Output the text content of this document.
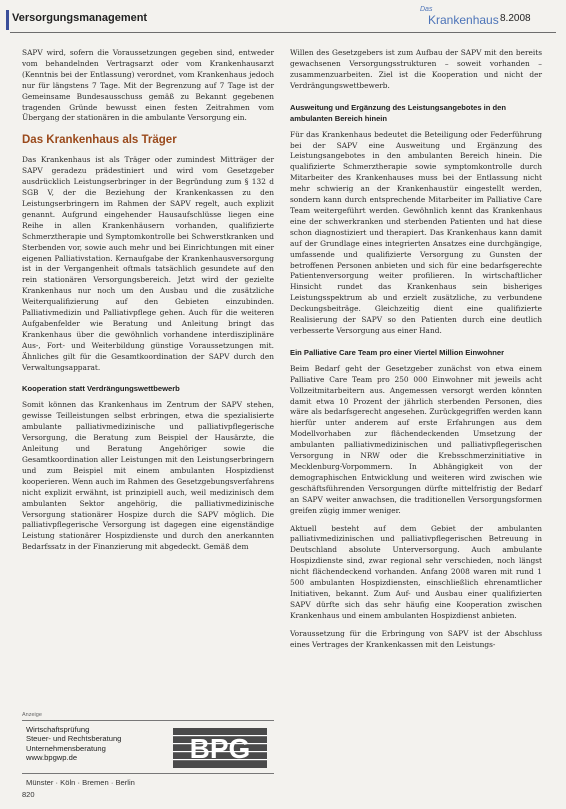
Versorgungsmanagement
Das
Krankenhaus 8.2008

SAPV wird, sofern die Voraussetzungen gegeben sind, entweder vom behandelnden Vertragsarzt oder vom Krankenhausarzt (Kenntnis bei der Entlassung) verordnet, vom Krankenhaus jedoch nur für längstens 7 Tage. Mit der Begrenzung auf 7 Tage ist der Gemeinsame Bundesausschuss gemäß zu Bekannt gegebenen tragenden Gründe bewusst einen festen Zeitrahmen vom Übergang der stationären in die ambulante Versorgung ein.

Das Krankenhaus als Träger

Das Krankenhaus ist als Träger oder zumindest Mitträger der SAPV geradezu prädestiniert und wird vom Gesetzgeber ausdrücklich Leistungserbringer in der Begründung zum § 132 d SGB V, der die Beziehung der Krankenkassen zu den Leistungserbringern im Rahmen der SAPV regelt, auch explizit genannt. Aufgrund eingehender Hausaufschlüsse liegen eine Reihe in allen Krankenhäusern vorhanden, qualifizierte Schmerztherapie und Symptomkontrolle bei Schwerstkranken und Sterbenden vor, sowie auch mehr und bei Einrichtungen mit einer eigenen Palliativstation. Kernaufgabe der Krankenhausversorgung ist in der Vergangenheit oftmals tatsächlich gesundete auf den rein stationären Versorgungsbereich. Jetzt wird der gezielte Krankenhaus nur noch um den Ausbau und die zusätzliche Weiterqualifizierung auf den Gebieten einzubinden. Palliativmedizin und Palliativpflege gehen. Auch für die weiteren Aufgabenfelder wie Beratung und Anleitung bringt das Krankenhaus über die gewöhnlich vorhandene interdisziplinäre Aus-, Fort- und Weiterbildung günstige Voraussetzungen mit. Ähnliches gilt für die Gesamtkoordination der SAPV durch den Verwaltungsapparat.

Kooperation statt Verdrängungswettbewerb

Somit können das Krankenhaus im Zentrum der SAPV stehen, gewisse Teilleistungen selbst erbringen, etwa die spezialisierte ambulante palliativmedizinische und palliativpflegerische Versorgung, die Beratung zum Beispiel der Hausärzte, die Anleitung und Beratung Angehöriger sowie die Gesamtkoordination aller Leistungen mit den Leistungserbringern und zum Beispiel mit einem ambulanten Hospizdienst kooperieren. Wenn auch im Rahmen des Gesetzgebungsverfahrens nicht explizit erwähnt, ist prinzipiell auch, weil medizinisch dem ambulanten Sektor angehörig, die palliativmedizinische Versorgung stationärer Hospize durch die SAPV möglich. Die palliativpflegerische Versorgung ist dagegen eine eigenständige Leistung stationärer Hospizdienste und durch den anerkannten Bedarfssatz in der Finanzierung mit abgedeckt. Gemäß dem

Willen des Gesetzgebers ist zum Aufbau der SAPV mit den bereits gewachsenen Versorgungsstrukturen – soweit vorhanden – zusammenzuarbeiten. Ziel ist die Kooperation und nicht der Verdrängungswettbewerb.

Ausweitung und Ergänzung des Leistungsangebotes in den ambulanten Bereich hinein

Für das Krankenhaus bedeutet die Beteiligung oder Federführung bei der SAPV eine Ausweitung und Ergänzung des Leistungsangebotes in den ambulanten Bereich hinein. Die qualifizierte Schmerztherapie sowie symptomkontrolle durch Mitarbeiter des Krankenhauses muss bei der Entlassung nicht mehr schwierig an der Krankenhaustür eingestellt werden, sondern kann durch entsprechende Mitarbeiter im Palliative Care Team weitergeführt werden. Gewöhnlich kennt das Krankenhaus eine der schwerkranken und sterbenden Patienten und hat diese schon diagnostiziert und therapiert. Das Krankenhaus kann damit auf der Grundlage eines integrierten Ansatzes eine durchgängige, umfassende und qualifizierte Versorgung zu Gunsten der betroffenen Personen anbieten und sich für eine bedarfsgerechte Patientenversorgung weiter profilieren. In wirtschaftlicher Hinsicht rundet das Krankenhaus sein bisheriges Leistungsspektrum ab und erzielt zusätzliche, zu verbundene Deckungsbeiträge. Gleichzeitig dient eine qualifizierte Realisierung der SAPV so den Patienten durch eine deutlich verbesserte Versorgung aus einer Hand.

Ein Palliative Care Team pro einer Viertel Million Einwohner

Beim Bedarf geht der Gesetzgeber zunächst von etwa einem Palliative Care Team pro 250 000 Einwohner mit jeweils acht Vollzeitmitarbeitern aus. Angemessen versorgt werden könnten damit etwa 10 Prozent der jährlich sterbenden Personen, dies wäre als bedarfsgerecht angesehen. Zurückgegriffen werden kann hierfür unter anderem auf erste Erfahrungen aus dem Modellvorhaben zur flächendeckenden Umsetzung der ambulanten palliativmedizinischen und palliativpflegerischen Versorgung in NRW oder die Krebsschmerzinitiative in Mecklenburg-Vorpommern. In Abhängigkeit von der demographischen Entwicklung und weiteren wird zwischen wie geschäftsführenden Versorgungen dürfte mittelfristig der Bedarf an SAPV weiter anwachsen, die traditionellen Versorgungsformen greifen zügig immer weniger.

Aktuell besteht auf dem Gebiet der ambulanten palliativmedizinischen und palliativpflegerischen Betreuung in Deutschland absolute Unterversorgung. Auch ambulante Hospizdienste sind, zwar regional sehr verschieden, noch längst nicht flächendeckend vorhanden. Anfang 2008 waren mit rund 1 500 ambulanten Hospizdiensten, einschließlich ehrenamtlicher Initiativen, bekannt. Zum Auf- und Ausbau einer qualifizierten SAPV dürfte sich das sehr häufig eine Kooperation zwischen Krankenhaus und einem ambulanten Hospizdienst anbieten.

Voraussetzung für die Erbringung von SAPV ist der Abschluss eines Vertrages der Krankenkassen mit den Leistungs-

Anzeige
Wirtschaftsprüfung
Steuer- und Rechtsberatung
Unternehmensberatung
www.bpgwp.de	BPG
Münster · Köln · Bremen · Berlin
820
